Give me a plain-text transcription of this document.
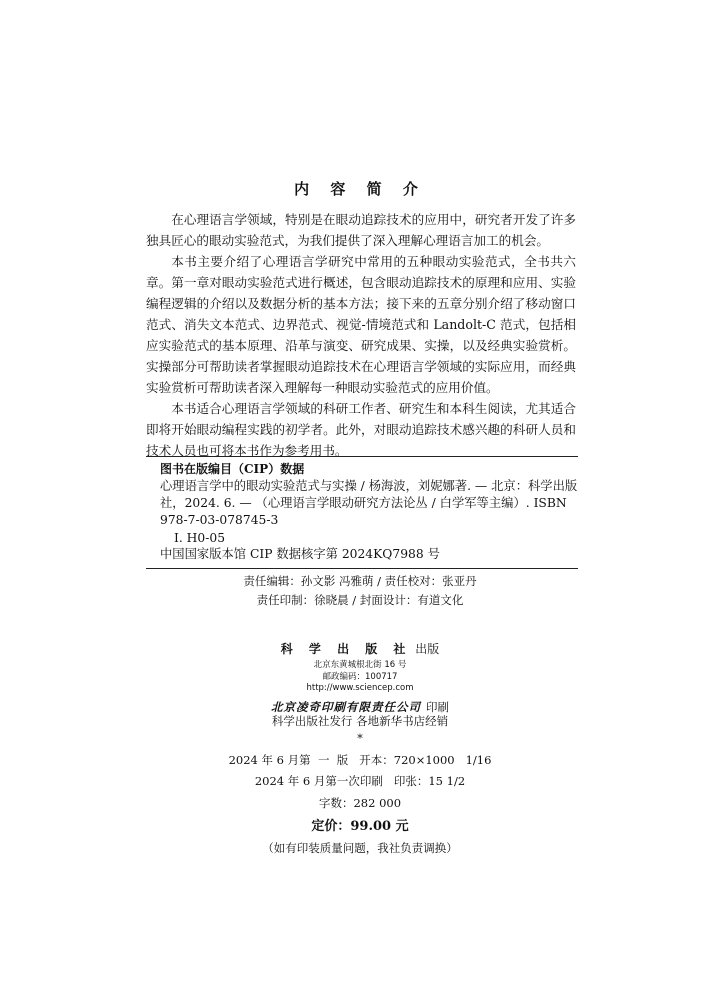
内 容 简 介

在心理语言学领域，特别是在眼动追踪技术的应用中，研究者开发了许多独具匠心的眼动实验范式，为我们提供了深入理解心理语言加工的机会。

本书主要介绍了心理语言学研究中常用的五种眼动实验范式，全书共六章。第一章对眼动实验范式进行概述，包含眼动追踪技术的原理和应用、实验编程逻辑的介绍以及数据分析的基本方法；接下来的五章分别介绍了移动窗口范式、消失文本范式、边界范式、视觉-情境范式和 Landolt-C 范式，包括相应实验范式的基本原理、沿革与演变、研究成果、实操，以及经典实验赏析。实操部分可帮助读者掌握眼动追踪技术在心理语言学领域的实际应用，而经典实验赏析可帮助读者深入理解每一种眼动实验范式的应用价值。

本书适合心理语言学领域的科研工作者、研究生和本科生阅读，尤其适合即将开始眼动编程实践的初学者。此外，对眼动追踪技术感兴趣的科研人员和技术人员也可将本书作为参考用书。

图书在版编目（CIP）数据
心理语言学中的眼动实验范式与实操 / 杨海波，刘妮娜著. — 北京：科学出版社，2024. 6. — （心理语言学眼动研究方法论丛 / 白学军等主编）. ISBN 978-7-03-078745-3
Ⅰ. H0-05
中国国家版本馆 CIP 数据核字第 2024KQ7988 号
责任编辑：孙文影 冯雅萌 / 责任校对：张亚丹
责任印制：徐晓晨 / 封面设计：有道文化
科 学 出 版 社 出版
北京东黄城根北街 16 号
邮政编码：100717
http://www.sciencep.com
北京凌奇印刷有限责任公司 印刷
科学出版社发行 各地新华书店经销
*
2024 年 6 月第  一  版   开本：720×1000   1/16
2024 年 6 月第一次印刷   印张：15 1/2
字数：282 000
定价：99.00 元
（如有印装质量问题，我社负责调换）
